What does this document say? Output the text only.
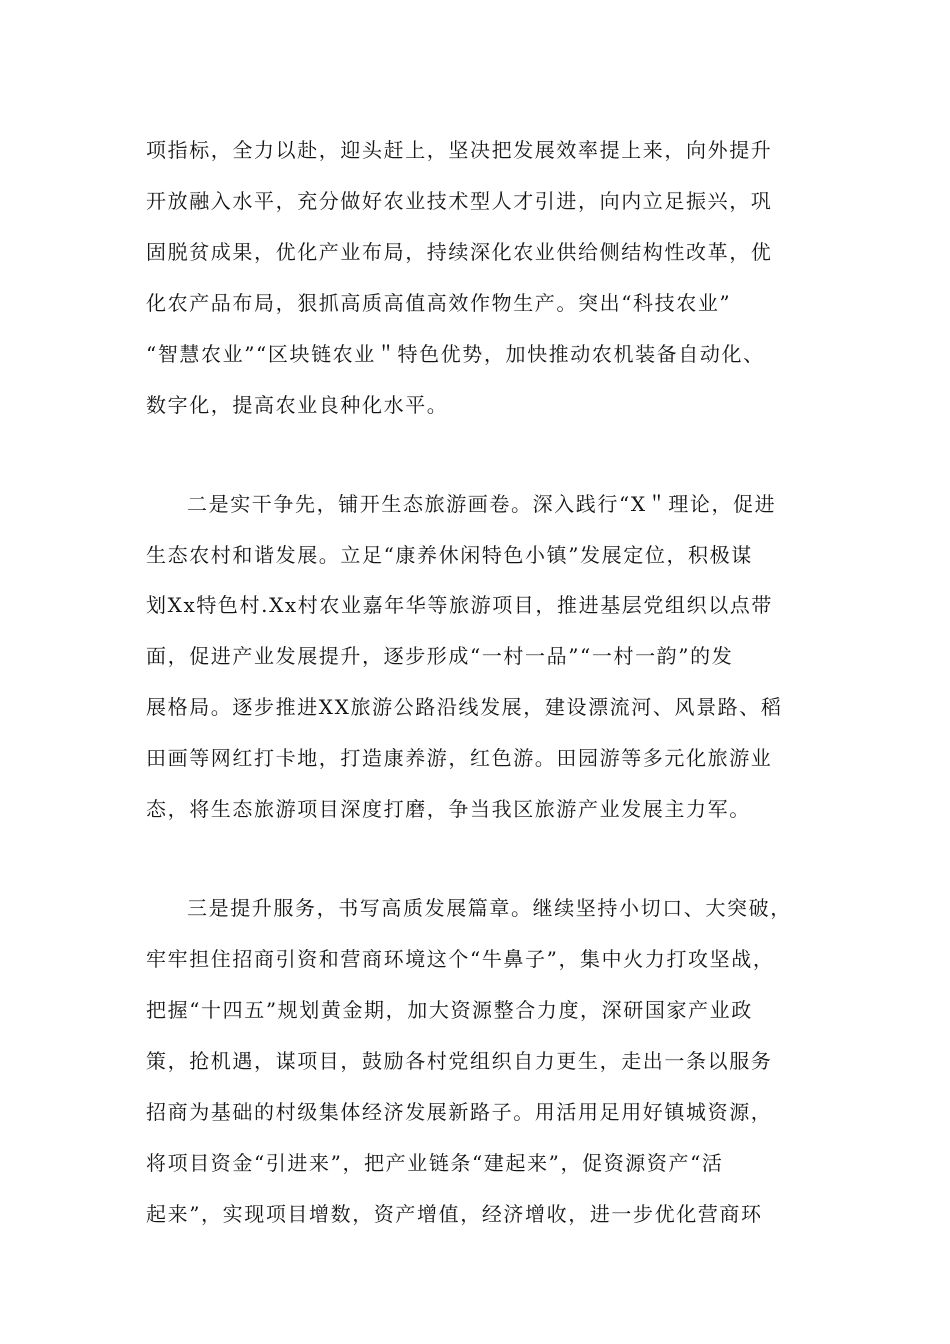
项指标，全力以赴，迎头赶上，坚决把发展效率提上来，向外提升
开放融入水平，充分做好农业技术型人才引进，向内立足振兴，巩
固脱贫成果，优化产业布局，持续深化农业供给侧结构性改革，优
化农产品布局，狠抓高质高值高效作物生产。突出“科技农业”
“智慧农业”“区块链农业＂特色优势，加快推动农机装备自动化、
数字化，提高农业良种化水平。
二是实干争先，铺开生态旅游画卷。深入践行“X＂理论，促进
生态农村和谐发展。立足“康养休闲特色小镇”发展定位，积极谋
划Xx特色村.Xx村农业嘉年华等旅游项目，推进基层党组织以点带
面，促进产业发展提升，逐步形成“一村一品”“一村一韵”的发
展格局。逐步推进XX旅游公路沿线发展，建设漂流河、风景路、稻
田画等网红打卡地，打造康养游，红色游。田园游等多元化旅游业
态，将生态旅游项目深度打磨，争当我区旅游产业发展主力军。
三是提升服务，书写高质发展篇章。继续坚持小切口、大突破，
牢牢担住招商引资和营商环境这个“牛鼻子”，集中火力打攻坚战，
把握“十四五”规划黄金期，加大资源整合力度，深研国家产业政
策，抢机遇，谋项目，鼓励各村党组织自力更生，走出一条以服务
招商为基础的村级集体经济发展新路子。用活用足用好镇城资源，
将项目资金“引进来”，把产业链条“建起来”，促资源资产“活
起来”，实现项目增数，资产增值，经济增收，进一步优化营商环
